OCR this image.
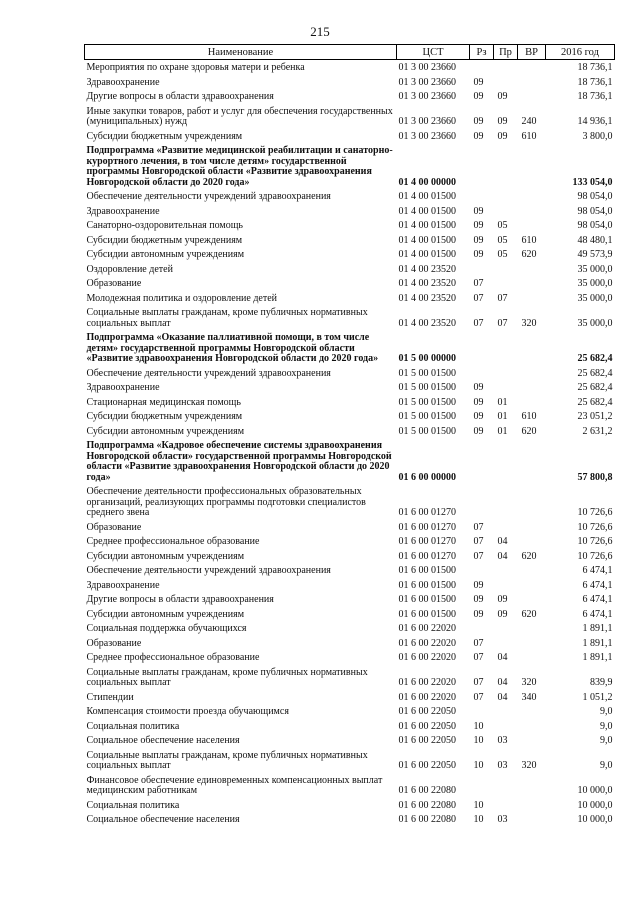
215
Наименование	ЦСТ	Рз	Пр	ВР	2016 год
Мероприятия по охране здоровья матери и ребенка	01 3 00 23660				18 736,1
Здравоохранение	01 3 00 23660	09			18 736,1
Другие вопросы в области здравоохранения	01 3 00 23660	09	09		18 736,1
Иные закупки товаров, работ и услуг для обеспечения государственных (муниципальных) нужд	01 3 00 23660	09	09	240	14 936,1
Субсидии бюджетным учреждениям	01 3 00 23660	09	09	610	3 800,0
Подпрограмма «Развитие медицинской реабилитации и санаторно-курортного лечения, в том числе детям» государственной программы Новгородской области «Развитие здравоохранения Новгородской области до 2020 года»	01 4 00 00000				133 054,0
Обеспечение деятельности учреждений здравоохранения	01 4 00 01500				98 054,0
Здравоохранение	01 4 00 01500	09			98 054,0
Санаторно-оздоровительная помощь	01 4 00 01500	09	05		98 054,0
Субсидии бюджетным учреждениям	01 4 00 01500	09	05	610	48 480,1
Субсидии автономным учреждениям	01 4 00 01500	09	05	620	49 573,9
Оздоровление детей	01 4 00 23520				35 000,0
Образование	01 4 00 23520	07			35 000,0
Молодежная политика и оздоровление детей	01 4 00 23520	07	07		35 000,0
Социальные выплаты гражданам, кроме публичных нормативных социальных выплат	01 4 00 23520	07	07	320	35 000,0
Подпрограмма «Оказание паллиативной помощи, в том числе детям» государственной программы Новгородской области «Развитие здравоохранения Новгородской области до 2020 года»	01 5 00 00000				25 682,4
Обеспечение деятельности учреждений здравоохранения	01 5 00 01500				25 682,4
Здравоохранение	01 5 00 01500	09			25 682,4
Стационарная медицинская помощь	01 5 00 01500	09	01		25 682,4
Субсидии бюджетным учреждениям	01 5 00 01500	09	01	610	23 051,2
Субсидии автономным учреждениям	01 5 00 01500	09	01	620	2 631,2
Подпрограмма «Кадровое обеспечение системы здравоохранения Новгородской области» государственной программы Новгородской области «Развитие здравоохранения Новгородской области до 2020 года»	01 6 00 00000				57 800,8
Обеспечение деятельности профессиональных образовательных организаций, реализующих программы подготовки специалистов среднего звена	01 6 00 01270				10 726,6
Образование	01 6 00 01270	07			10 726,6
Среднее профессиональное образование	01 6 00 01270	07	04		10 726,6
Субсидии автономным учреждениям	01 6 00 01270	07	04	620	10 726,6
Обеспечение деятельности учреждений здравоохранения	01 6 00 01500				6 474,1
Здравоохранение	01 6 00 01500	09			6 474,1
Другие вопросы в области здравоохранения	01 6 00 01500	09	09		6 474,1
Субсидии автономным учреждениям	01 6 00 01500	09	09	620	6 474,1
Социальная поддержка обучающихся	01 6 00 22020				1 891,1
Образование	01 6 00 22020	07			1 891,1
Среднее профессиональное образование	01 6 00 22020	07	04		1 891,1
Социальные выплаты гражданам, кроме публичных нормативных социальных выплат	01 6 00 22020	07	04	320	839,9
Стипендии	01 6 00 22020	07	04	340	1 051,2
Компенсация стоимости проезда обучающимся	01 6 00 22050				9,0
Социальная политика	01 6 00 22050	10			9,0
Социальное обеспечение населения	01 6 00 22050	10	03		9,0
Социальные выплаты гражданам, кроме публичных нормативных социальных выплат	01 6 00 22050	10	03	320	9,0
Финансовое обеспечение единовременных компенсационных выплат медицинским работникам	01 6 00 22080				10 000,0
Социальная политика	01 6 00 22080	10			10 000,0
Социальное обеспечение населения	01 6 00 22080	10	03		10 000,0
